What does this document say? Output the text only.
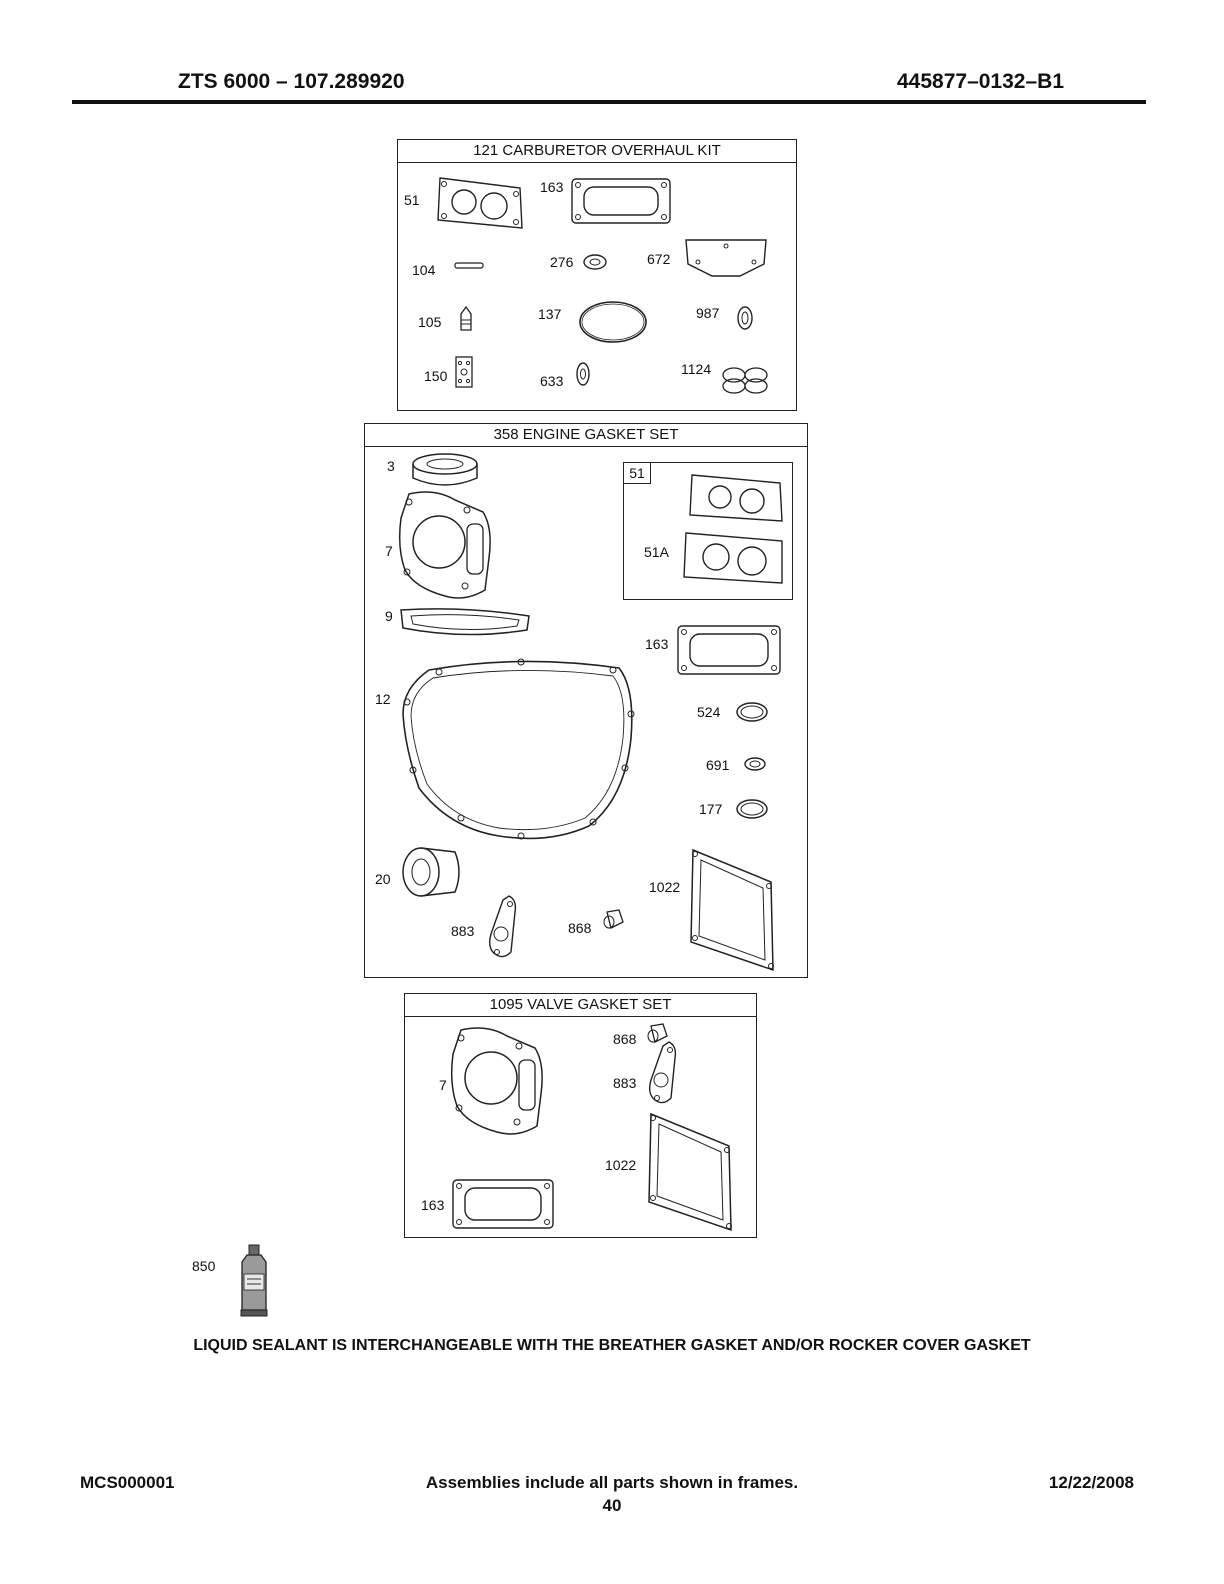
ZTS 6000 – 107.289920	445877–0132–B1
121 CARBURETOR OVERHAUL KIT
51
163
104	276	672
105	137	987
150	633
1124
358 ENGINE GASKET SET
3
7
9
12
20
883	868
51
51A
163
524
691
177
1022
1095 VALVE GASKET SET
7
868
883
1022
163
850
LIQUID SEALANT IS INTERCHANGEABLE WITH THE BREATHER GASKET AND/OR ROCKER COVER GASKET
MCS000001	Assemblies include all parts shown in frames.	12/22/2008
40
